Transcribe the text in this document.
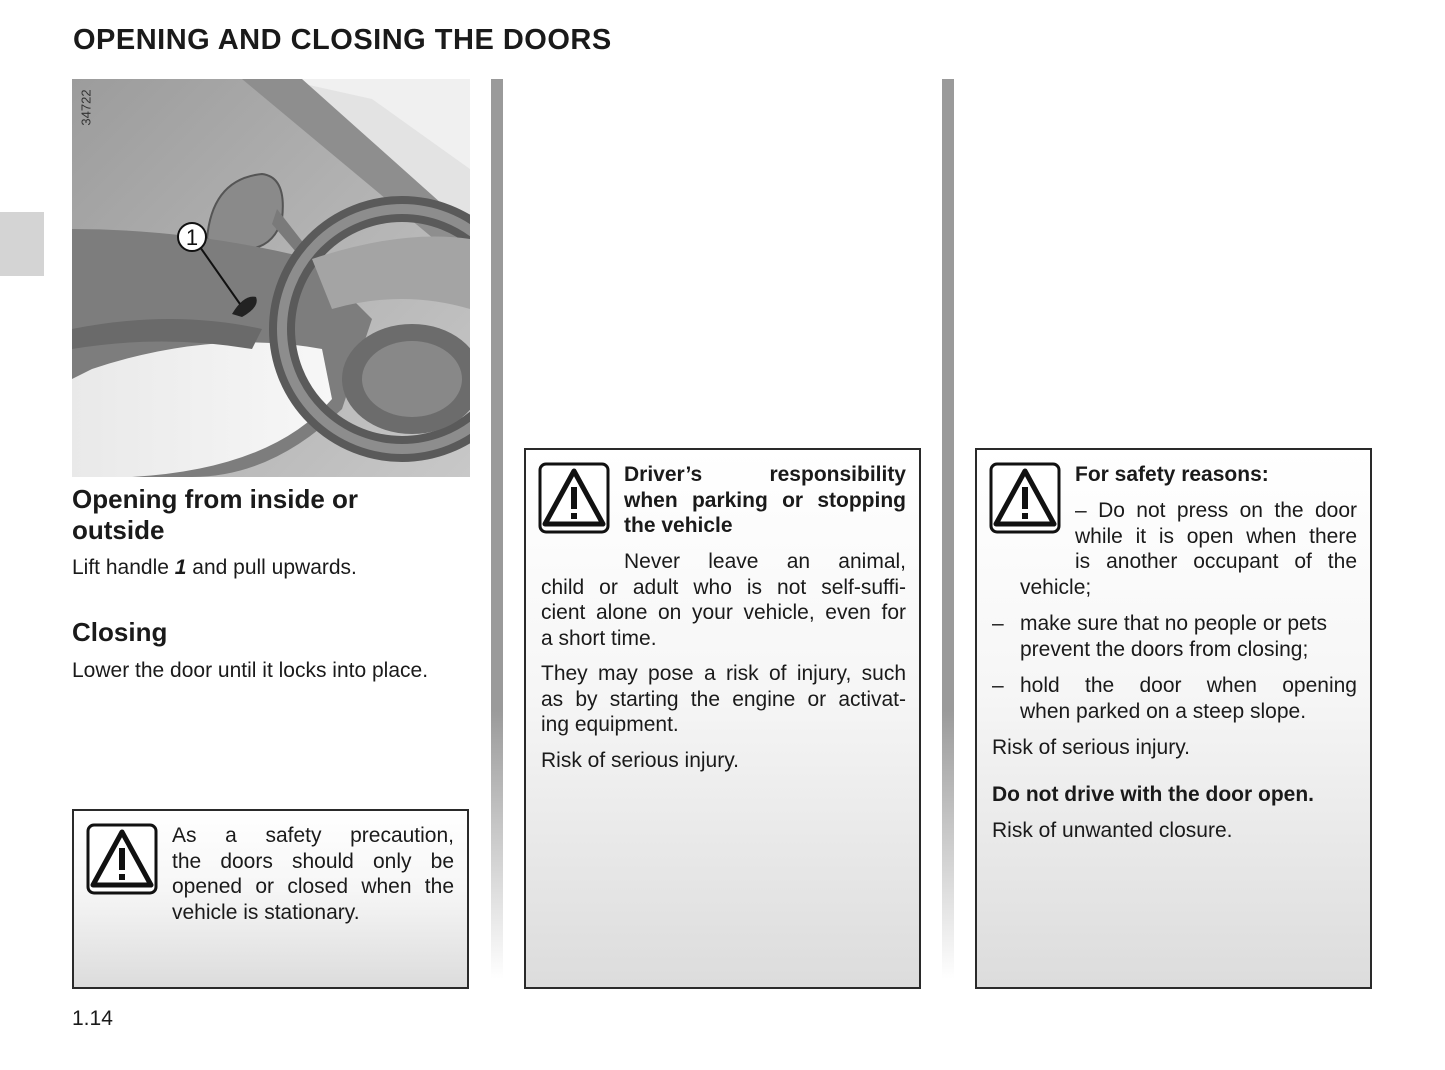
OPENING AND CLOSING THE DOORS
1
34722
Opening from inside or
outside

Lift handle 1 and pull upwards.

Closing

Lower the door until it locks into place.

As a safety precaution,
the doors should only be
opened or closed when the
vehicle is stationary.
Driver’s responsibility
when parking or stopping
the vehicle
Never leave an animal,
child or adult who is not self-suffi-
cient alone on your vehicle, even for
a short time.
They may pose a risk of injury, such
as by starting the engine or activat-
ing equipment.
Risk of serious injury.
For safety reasons:
– Do not press on the door
while it is open when there
is another occupant of the
vehicle;
– make sure that no people or pets
prevent the doors from closing;
– hold the door when opening
when parked on a steep slope.
Risk of serious injury.
Do not drive with the door open.
Risk of unwanted closure.
1.14
